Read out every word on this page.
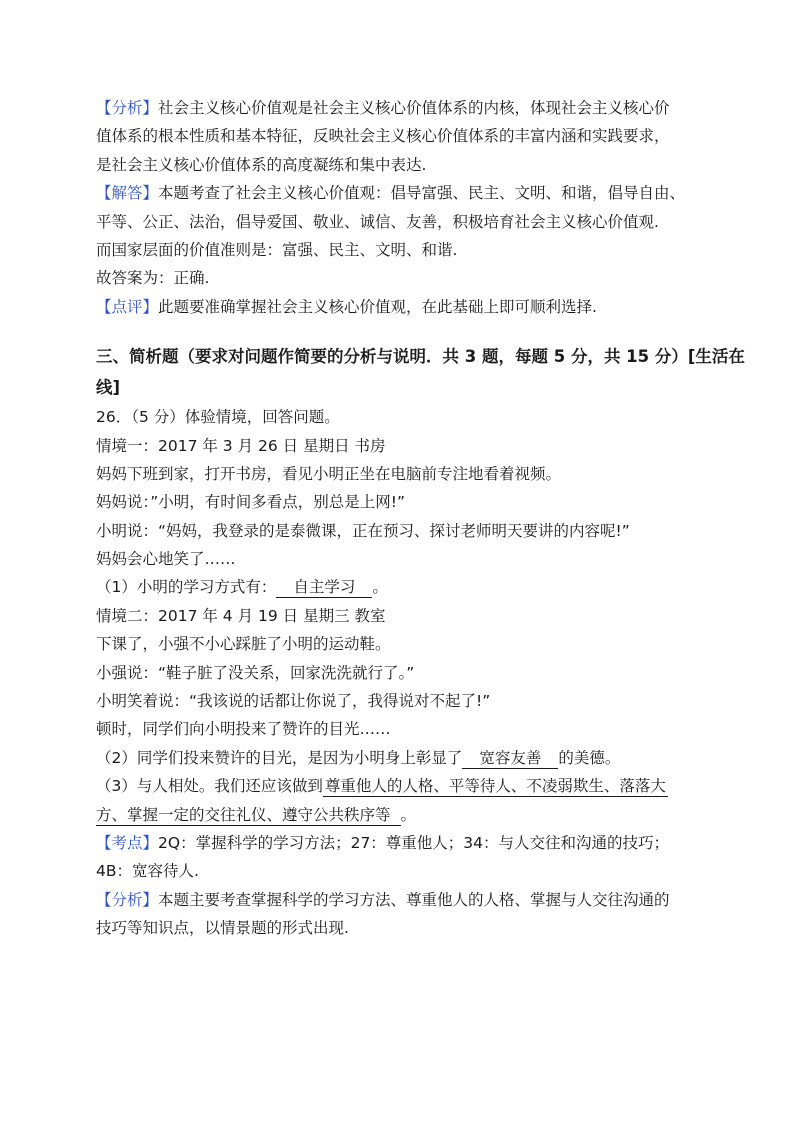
【分析】社会主义核心价值观是社会主义核心价值体系的内核，体现社会主义核心价
值体系的根本性质和基本特征，反映社会主义核心价值体系的丰富内涵和实践要求，
是社会主义核心价值体系的高度凝练和集中表达.
【解答】本题考查了社会主义核心价值观：倡导富强、民主、文明、和谐，倡导自由、
平等、公正、法治，倡导爱国、敬业、诚信、友善，积极培育社会主义核心价值观.
而国家层面的价值准则是：富强、民主、文明、和谐.
故答案为：正确.
【点评】此题要准确掌握社会主义核心价值观，在此基础上即可顺利选择.
三、简析题（要求对问题作简要的分析与说明．共 3 题，每题 5 分，共 15 分）[生活在
线]
26．（5 分）体验情境，回答问题。
情境一：2017 年 3 月 26 日 星期日 书房
妈妈下班到家，打开书房，看见小明正坐在电脑前专注地看着视频。
妈妈说：”小明，有时间多看点，别总是上网!”
小明说：“妈妈，我登录的是泰微课，正在预习、探讨老师明天要讲的内容呢!”
妈妈会心地笑了……
（1）小明的学习方式有： 自主学习 。
情境二：2017 年 4 月 19 日 星期三 教室
下课了，小强不小心踩脏了小明的运动鞋。
小强说：“鞋子脏了没关系，回家洗洗就行了。”
小明笑着说：“我该说的话都让你说了，我得说对不起了!”
顿时，同学们向小明投来了赞许的目光……
（2）同学们投来赞许的目光，是因为小明身上彰显了 宽容友善 的美德。
（3）与人相处。我们还应该做到 尊重他人的人格、平等待人、不凌弱欺生、落落大
方、掌握一定的交往礼仪、遵守公共秩序等 。
【考点】2Q：掌握科学的学习方法；27：尊重他人；34：与人交往和沟通的技巧；
4B：宽容待人.
【分析】本题主要考查掌握科学的学习方法、尊重他人的人格、掌握与人交往沟通的
技巧等知识点，以情景题的形式出现.
